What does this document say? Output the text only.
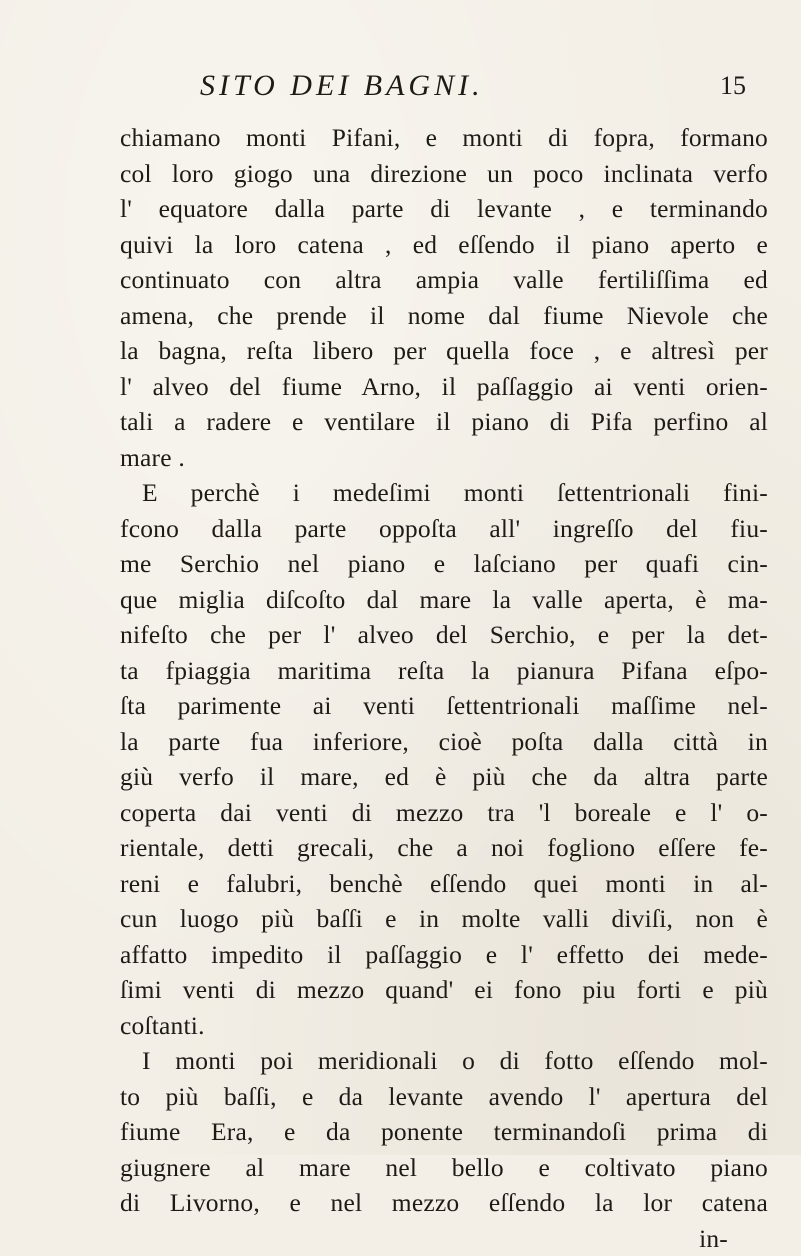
SITO DEI BAGNI.	15
chiamano monti Pifani, e monti di fopra, formano
col loro giogo una direzione un poco inclinata verfo
l' equatore dalla parte di levante , e terminando
quivi la loro catena , ed eſſendo il piano aperto e
continuato con altra ampia valle fertiliſſima ed
amena, che prende il nome dal fiume Nievole che
la bagna, reſta libero per quella foce , e altresì per
l' alveo del fiume Arno, il paſſaggio ai venti orien-
tali a radere e ventilare il piano di Pifa perfino al
mare .
E perchè i medeſimi monti ſettentrionali fini-
fcono dalla parte oppoſta all' ingreſſo del fiu-
me Serchio nel piano e laſciano per quafi cin-
que miglia diſcoſto dal mare la valle aperta, è ma-
nifeſto che per l' alveo del Serchio, e per la det-
ta fpiaggia maritima reſta la pianura Pifana eſpo-
ſta parimente ai venti ſettentrionali maſſime nel-
la parte fua inferiore, cioè poſta dalla città in
giù verfo il mare, ed è più che da altra parte
coperta dai venti di mezzo tra 'l boreale e l' o-
rientale, detti grecali, che a noi fogliono eſſere fe-
reni e falubri, benchè eſſendo quei monti in al-
cun luogo più baſſi e in molte valli diviſi, non è
affatto impedito il paſſaggio e l' effetto dei mede-
ſimi venti di mezzo quand' ei fono piu forti e più
coſtanti.
I monti poi meridionali o di fotto eſſendo mol-
to più baſſi, e da levante avendo l' apertura del
fiume Era, e da ponente terminandoſi prima di
giugnere al mare nel bello e coltivato piano
di Livorno, e nel mezzo eſſendo la lor catena
in-
